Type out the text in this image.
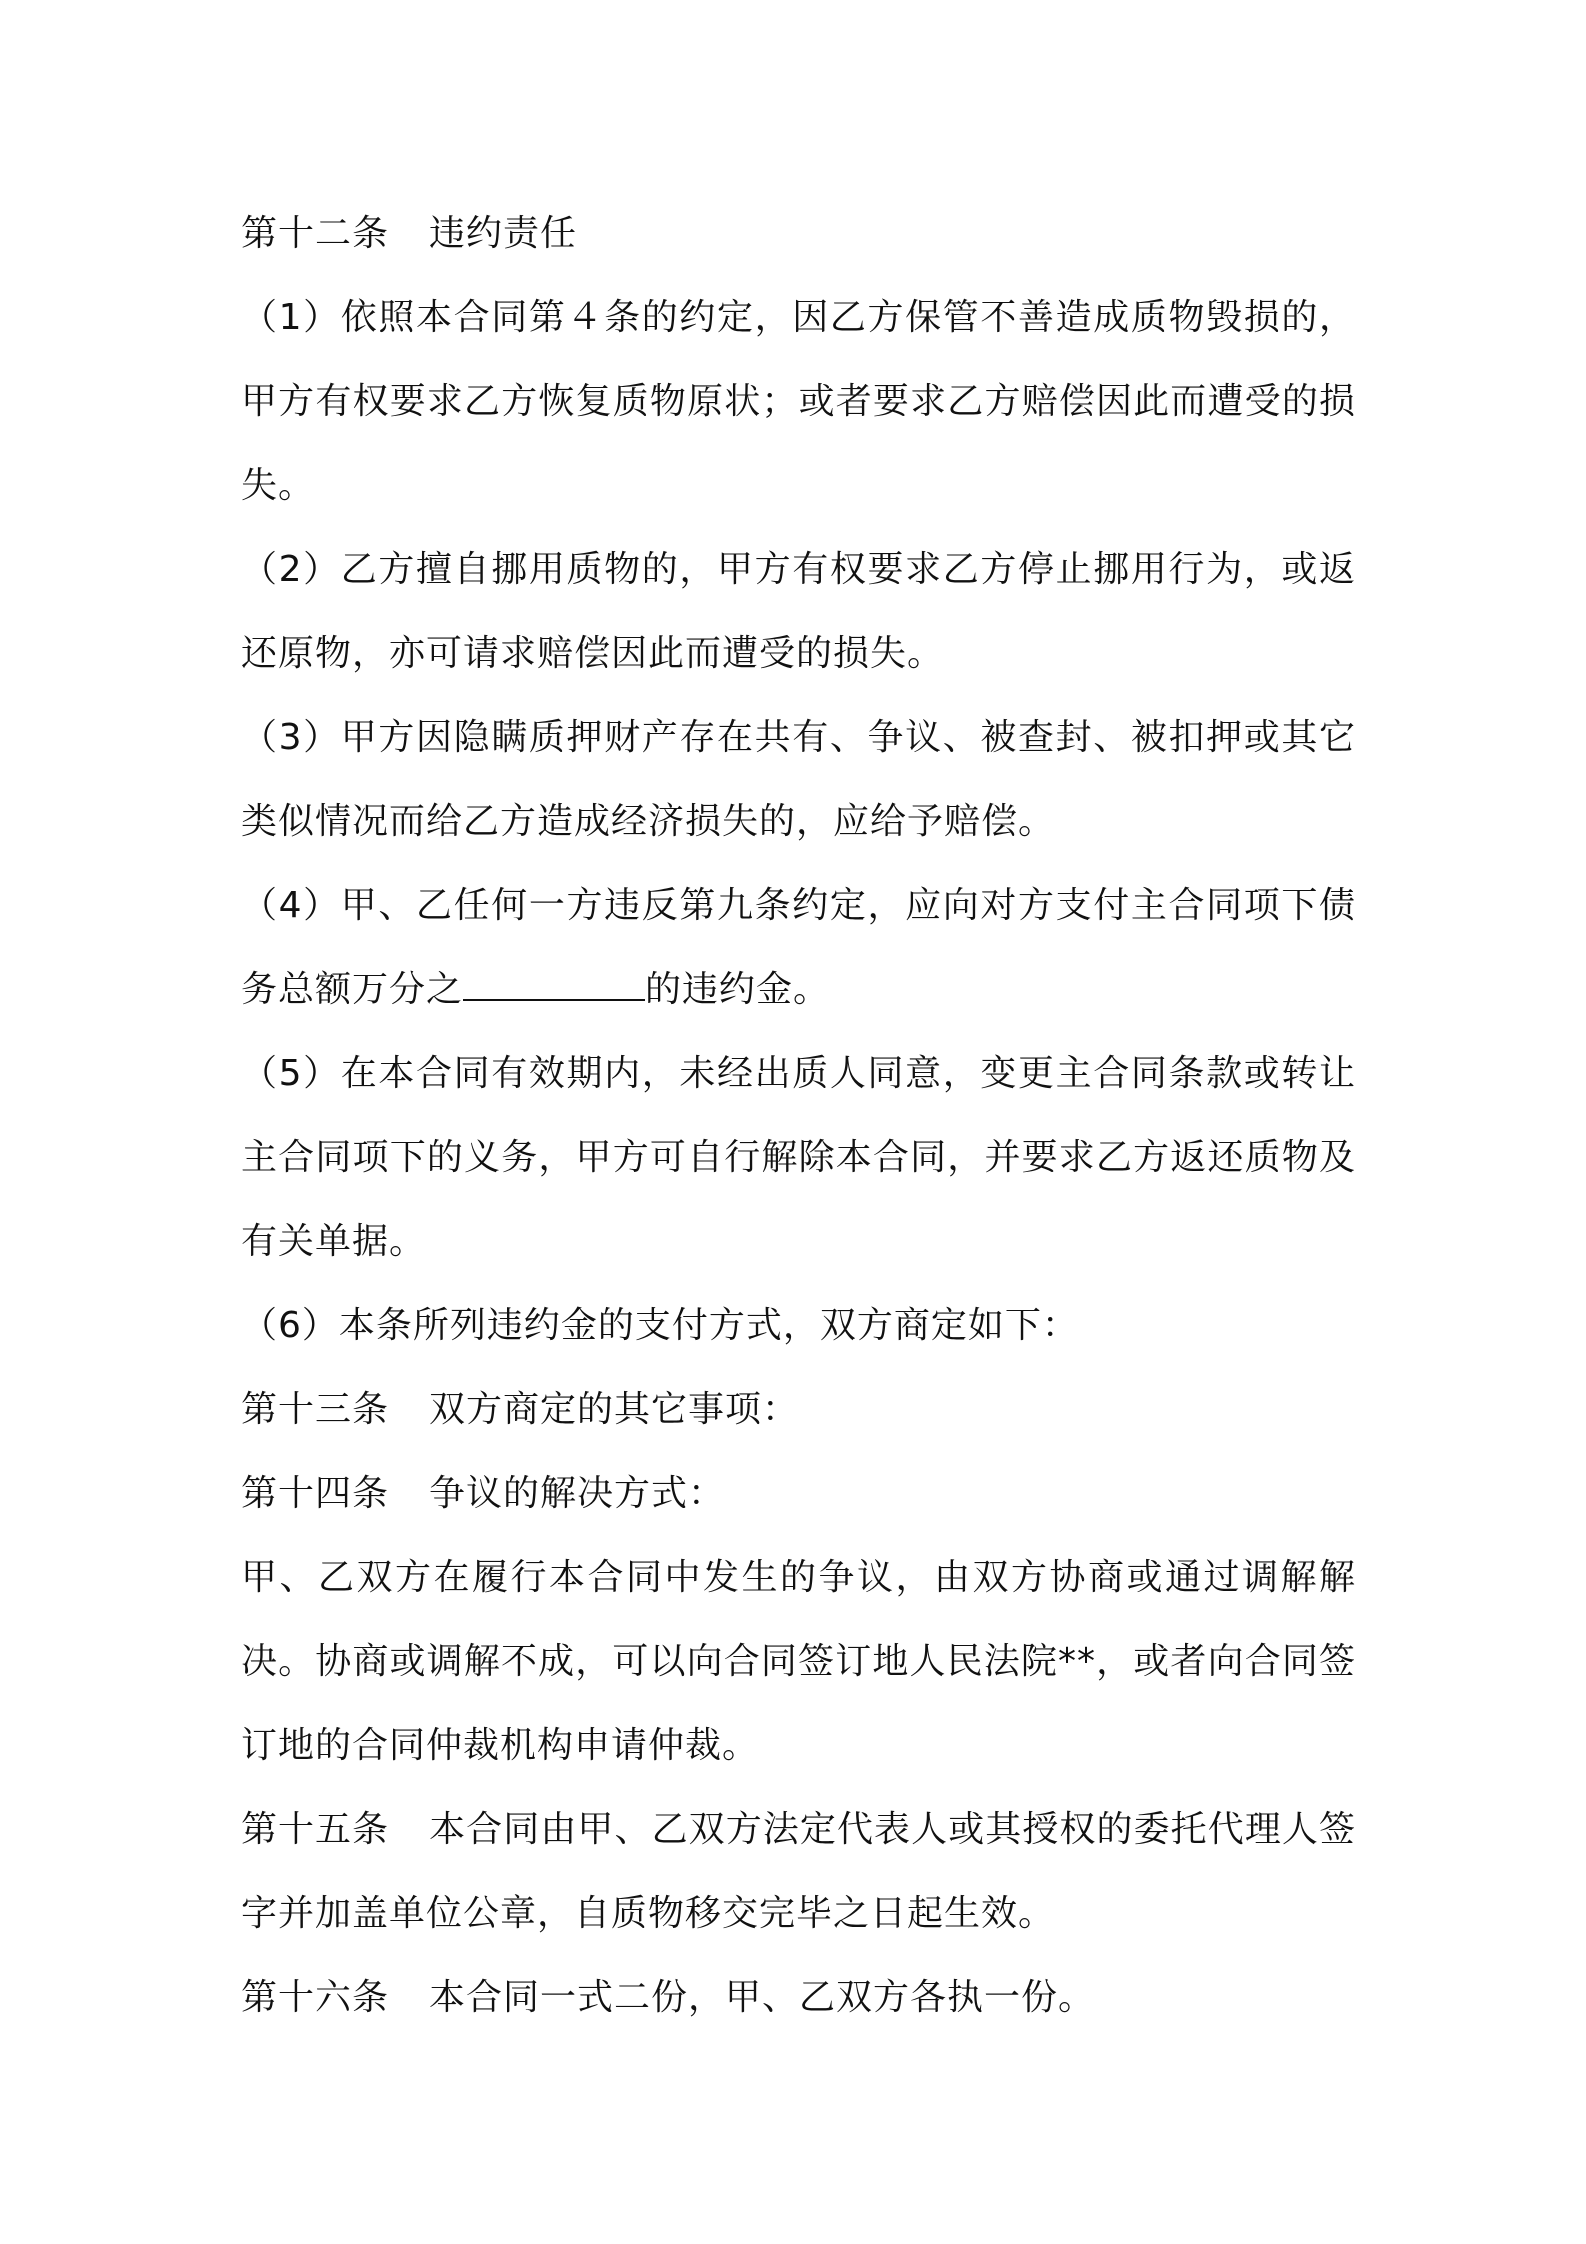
第十二条 违约责任

（1）依照本合同第４条的约定，因乙方保管不善造成质物毁损的，甲方有权要求乙方恢复质物原状；或者要求乙方赔偿因此而遭受的损失。

（2）乙方擅自挪用质物的，甲方有权要求乙方停止挪用行为，或返还原物，亦可请求赔偿因此而遭受的损失。

（3）甲方因隐瞒质押财产存在共有、争议、被查封、被扣押或其它类似情况而给乙方造成经济损失的，应给予赔偿。

（4）甲、乙任何一方违反第九条约定，应向对方支付主合同项下债务总额万分之	的违约金。

（5）在本合同有效期内，未经出质人同意，变更主合同条款或转让主合同项下的义务，甲方可自行解除本合同，并要求乙方返还质物及有关单据。

（6）本条所列违约金的支付方式，双方商定如下：

第十三条 双方商定的其它事项：

第十四条 争议的解决方式：

甲、乙双方在履行本合同中发生的争议，由双方协商或通过调解解决。协商或调解不成，可以向合同签订地人民法院**，或者向合同签订地的合同仲裁机构申请仲裁。

第十五条 本合同由甲、乙双方法定代表人或其授权的委托代理人签字并加盖单位公章，自质物移交完毕之日起生效。

第十六条 本合同一式二份，甲、乙双方各执一份。
